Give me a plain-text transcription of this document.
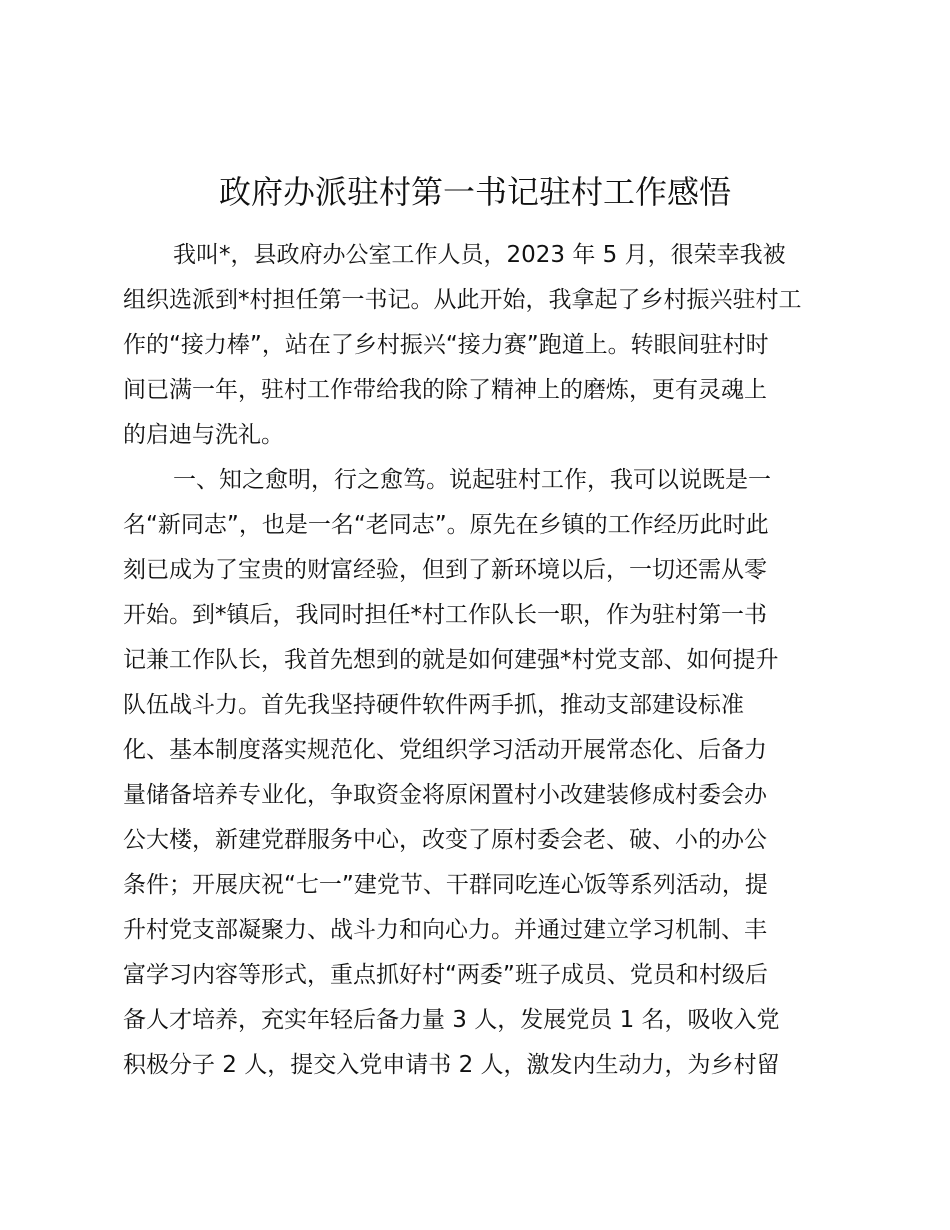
政府办派驻村第一书记驻村工作感悟
我叫*，县政府办公室工作人员，2023 年 5 月，很荣幸我被
组织选派到*村担任第一书记。从此开始，我拿起了乡村振兴驻村工
作的“接力棒”，站在了乡村振兴“接力赛”跑道上。转眼间驻村时
间已满一年，驻村工作带给我的除了精神上的磨炼，更有灵魂上
的启迪与洗礼。
一、知之愈明，行之愈笃。说起驻村工作，我可以说既是一
名“新同志”，也是一名“老同志”。原先在乡镇的工作经历此时此
刻已成为了宝贵的财富经验，但到了新环境以后，一切还需从零
开始。到*镇后，我同时担任*村工作队长一职，作为驻村第一书
记兼工作队长，我首先想到的就是如何建强*村党支部、如何提升
队伍战斗力。首先我坚持硬件软件两手抓，推动支部建设标准
化、基本制度落实规范化、党组织学习活动开展常态化、后备力
量储备培养专业化，争取资金将原闲置村小改建装修成村委会办
公大楼，新建党群服务中心，改变了原村委会老、破、小的办公
条件；开展庆祝“七一”建党节、干群同吃连心饭等系列活动，提
升村党支部凝聚力、战斗力和向心力。并通过建立学习机制、丰
富学习内容等形式，重点抓好村“两委”班子成员、党员和村级后
备人才培养，充实年轻后备力量 3 人，发展党员 1 名，吸收入党
积极分子 2 人，提交入党申请书 2 人，激发内生动力，为乡村留
